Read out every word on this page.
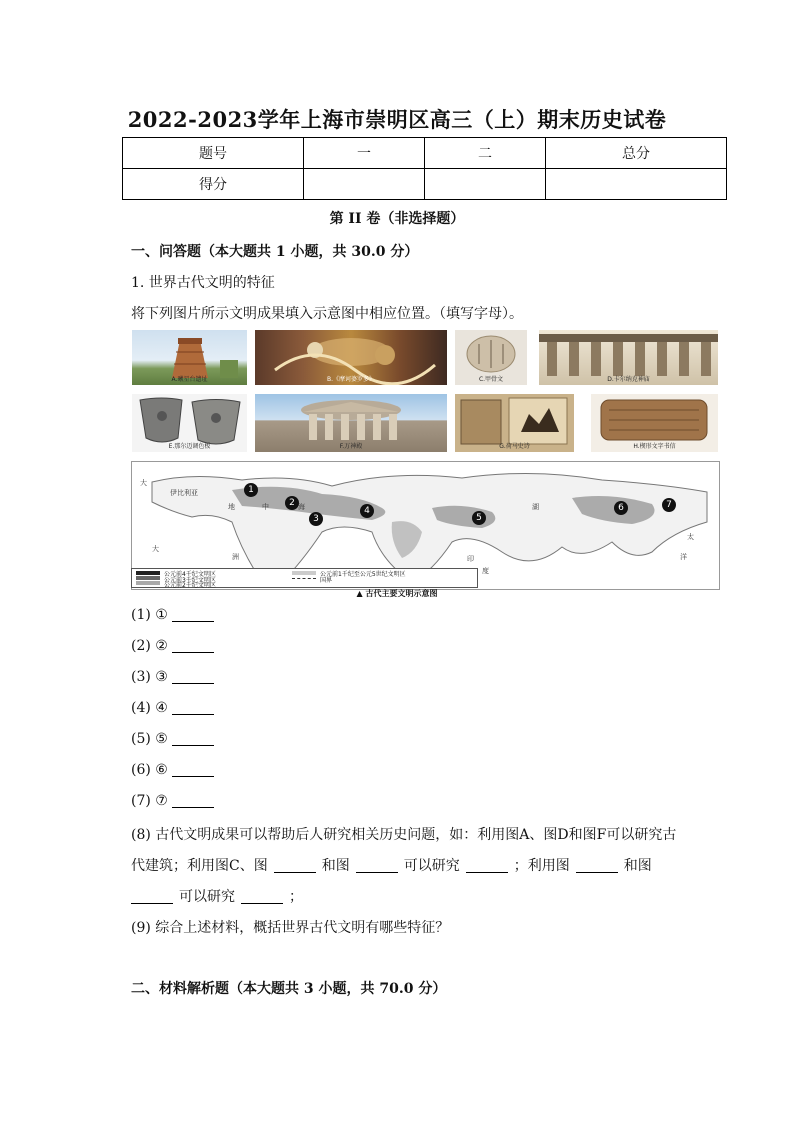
2022-2023学年上海市崇明区高三（上）期末历史试卷
题号	一	二	总分
得分			
第 II 卷（非选择题）
一、问答题（本大题共 1 小题，共 30.0 分）
1. 世界古代文明的特征
将下列图片所示文明成果填入示意图中相应位置。（填写字母）。
A.曦星台遗址	B.《摩诃婆罗多》	C.甲骨文	D.卡尔纳克神庙
E.那尔迈调色板	F.万神殿	G.荷马史诗	H.楔形文字书信
大
伊比利亚
地	中	海	湖
太
洋
印
度
大
洲
1
2
3
4
5
6	7
公元前4千纪文明区
公元前3千纪文明区
公元前2千纪文明区
公元前1千纪至公元5世纪文明区
国界
▲ 古代主要文明示意图
(1) ①
(2) ②
(3) ③
(4) ④
(5) ⑤
(6) ⑥
(7) ⑦
(8) 古代文明成果可以帮助后人研究相关历史问题，如：利用图A、图D和图F可以研究古
代建筑；利用图C、图	和图	可以研究	；利用图	和图
可以研究	；
(9) 综合上述材料，概括世界古代文明有哪些特征？
二、材料解析题（本大题共 3 小题，共 70.0 分）
